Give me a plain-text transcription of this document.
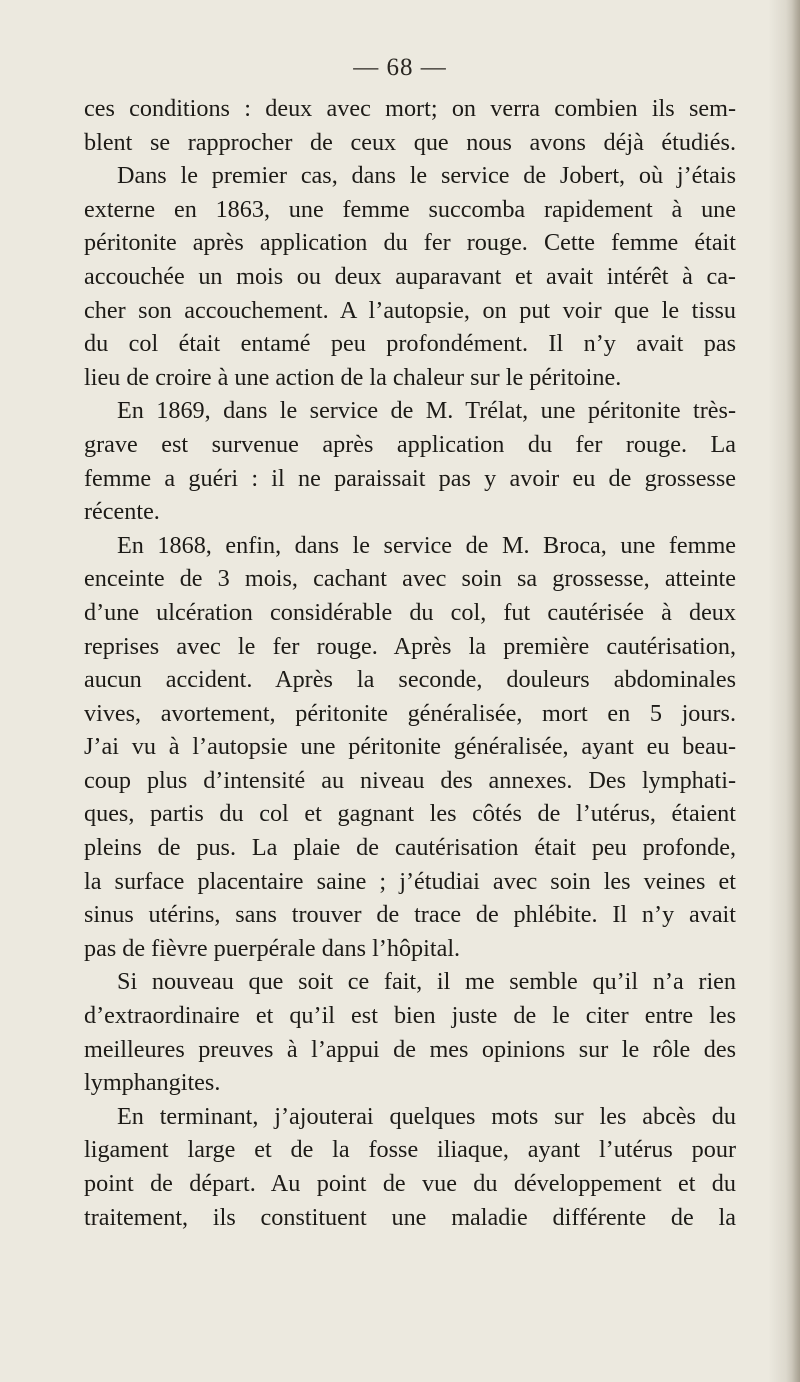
— 68 —
ces conditions : deux avec mort; on verra combien ils sem-
blent se rapprocher de ceux que nous avons déjà étudiés.
Dans le premier cas, dans le service de Jobert, où j’étais
externe en 1863, une femme succomba rapidement à une
péritonite après application du fer rouge. Cette femme était
accouchée un mois ou deux auparavant et avait intérêt à ca-
cher son accouchement. A l’autopsie, on put voir que le tissu
du col était entamé peu profondément. Il n’y avait pas
lieu de croire à une action de la chaleur sur le péritoine.
En 1869, dans le service de M. Trélat, une péritonite très-
grave est survenue après application du fer rouge. La
femme a guéri : il ne paraissait pas y avoir eu de grossesse
récente.
En 1868, enfin, dans le service de M. Broca, une femme
enceinte de 3 mois, cachant avec soin sa grossesse, atteinte
d’une ulcération considérable du col, fut cautérisée à deux
reprises avec le fer rouge. Après la première cautérisation,
aucun accident. Après la seconde, douleurs abdominales
vives, avortement, péritonite généralisée, mort en 5 jours.
J’ai vu à l’autopsie une péritonite généralisée, ayant eu beau-
coup plus d’intensité au niveau des annexes. Des lymphati-
ques, partis du col et gagnant les côtés de l’utérus, étaient
pleins de pus. La plaie de cautérisation était peu profonde,
la surface placentaire saine ; j’étudiai avec soin les veines et
sinus utérins, sans trouver de trace de phlébite. Il n’y avait
pas de fièvre puerpérale dans l’hôpital.
Si nouveau que soit ce fait, il me semble qu’il n’a rien
d’extraordinaire et qu’il est bien juste de le citer entre les
meilleures preuves à l’appui de mes opinions sur le rôle des
lymphangites.
En terminant, j’ajouterai quelques mots sur les abcès du
ligament large et de la fosse iliaque, ayant l’utérus pour
point de départ. Au point de vue du développement et du
traitement, ils constituent une maladie différente de la
